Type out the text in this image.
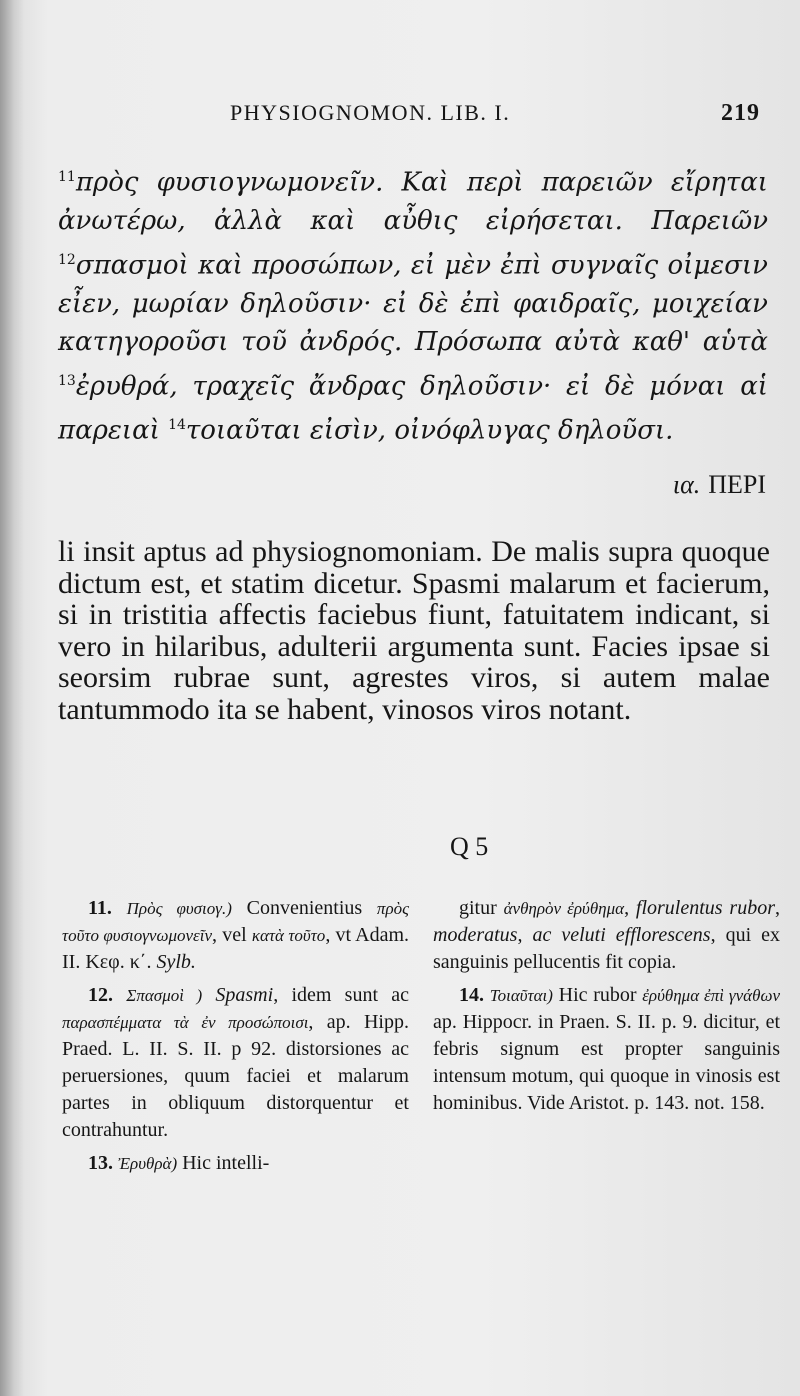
PHYSIOGNOMON. LIB. I.	219
$^{11}$πρὸς φυσιογνωμονεῖν. Καὶ περὶ παρειῶν εἴρηται ἀνωτέρω, ἀλλὰ καὶ αὖθις εἰρήσεται. Παρειῶν $^{12}$σπασμοὶ καὶ προσώπων, εἰ μὲν ἐπὶ συγναῖς οἰμεσιν εἶεν, μωρίαν δηλοῦσιν· εἰ δὲ ἐπὶ φαιδραῖς, μοιχείαν κατηγοροῦσι τοῦ ἀνδρός. Πρόσωπα αὐτὰ καθ' αὑτὰ $^{13}$ἐρυθρά, τραχεῖς ἄνδρας δηλοῦσιν· εἰ δὲ μόναι αἱ παρειαὶ $^{14}$τοιαῦται εἰσὶν, οἰνόφλυγας δηλοῦσι.
ια. ΠΕΡΙ
li insit aptus ad physiognomoniam. De malis supra quoque dictum est, et statim dicetur. Spasmi malarum et facierum, si in tristitia affectis faciebus fiunt, fatuitatem indicant, si vero in hilaribus, adulterii argumenta sunt. Facies ipsae si seorsim rubrae sunt, agrestes viros, si autem malae tantummodo ita se habent, vinosos viros notant.
Q 5

11. Πρὸς φυσιογ.) Convenientius πρὸς τοῦτο φυσιογνωμονεῖν, vel κατὰ τοῦτο, vt Adam. II. Κεφ. κ΄. Sylb.

12. Σπασμοὶ ) Spasmi, idem sunt ac παρασπέμματα τὰ ἐν προσώποισι, ap. Hipp. Praed. L. II. S. II. p 92. distorsiones ac peruersiones, quum faciei et malarum partes in obliquum distorquentur et contrahuntur.

13. Ἐρυθρὰ) Hic intelli-

gitur ἀνθηρὸν ἐρύθημα, florulentus rubor, moderatus, ac veluti efflorescens, qui ex sanguinis pellucentis fit copia.

14. Τοιαῦται) Hic rubor ἐρύθημα ἐπὶ γνάθων ap. Hippocr. in Praen. S. II. p. 9. dicitur, et febris signum est propter sanguinis intensum motum, qui quoque in vinosis est hominibus. Vide Aristot. p. 143. not. 158.
